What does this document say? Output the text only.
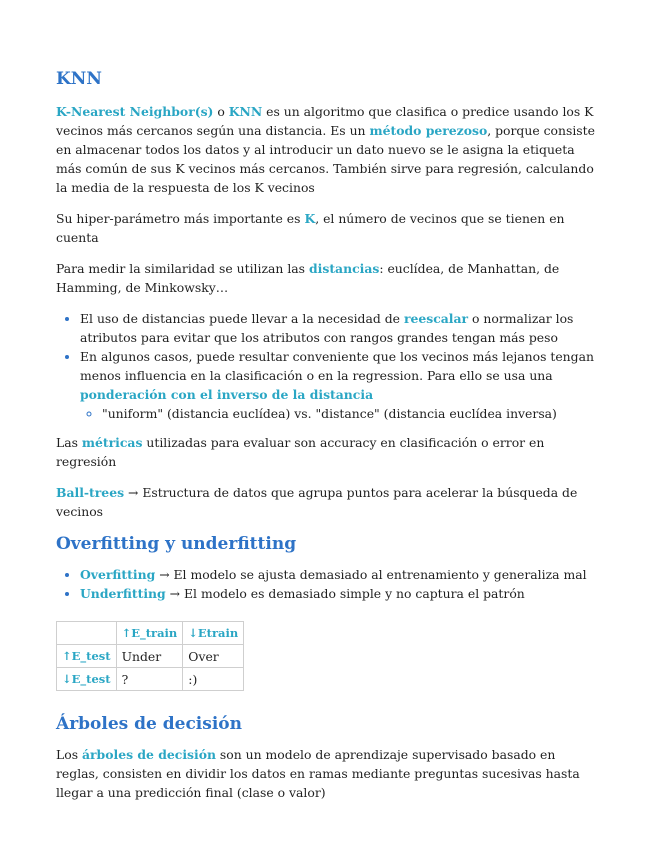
KNN

K-Nearest Neighbor(s) o KNN es un algoritmo que clasifica o predice usando los K vecinos más cercanos según una distancia. Es un método perezoso, porque consiste en almacenar todos los datos y al introducir un dato nuevo se le asigna la etiqueta más común de sus K vecinos más cercanos. También sirve para regresión, calculando la media de la respuesta de los K vecinos

Su hiper-parámetro más importante es K, el número de vecinos que se tienen en cuenta

Para medir la similaridad se utilizan las distancias: euclídea, de Manhattan, de Hamming, de Minkowsky…

• El uso de distancias puede llevar a la necesidad de reescalar o normalizar los atributos para evitar que los atributos con rangos grandes tengan más peso
• En algunos casos, puede resultar conveniente que los vecinos más lejanos tengan menos influencia en la clasificación o en la regression. Para ello se usa una ponderación con el inverso de la distancia
◦ "uniform" (distancia euclídea) vs. "distance" (distancia euclídea inversa)

Las métricas utilizadas para evaluar son accuracy en clasificación o error en regresión

Ball-trees → Estructura de datos que agrupa puntos para acelerar la búsqueda de vecinos

Overfitting y underfitting
• Overfitting → El modelo se ajusta demasiado al entrenamiento y generaliza mal
• Underfitting → El modelo es demasiado simple y no captura el patrón
	↑E_train	↓Etrain
↑E_test	Under	Over
↓E_test	?	:)
Árboles de decisión

Los árboles de decisión son un modelo de aprendizaje supervisado basado en reglas, consisten en dividir los datos en ramas mediante preguntas sucesivas hasta llegar a una predicción final (clase o valor)
